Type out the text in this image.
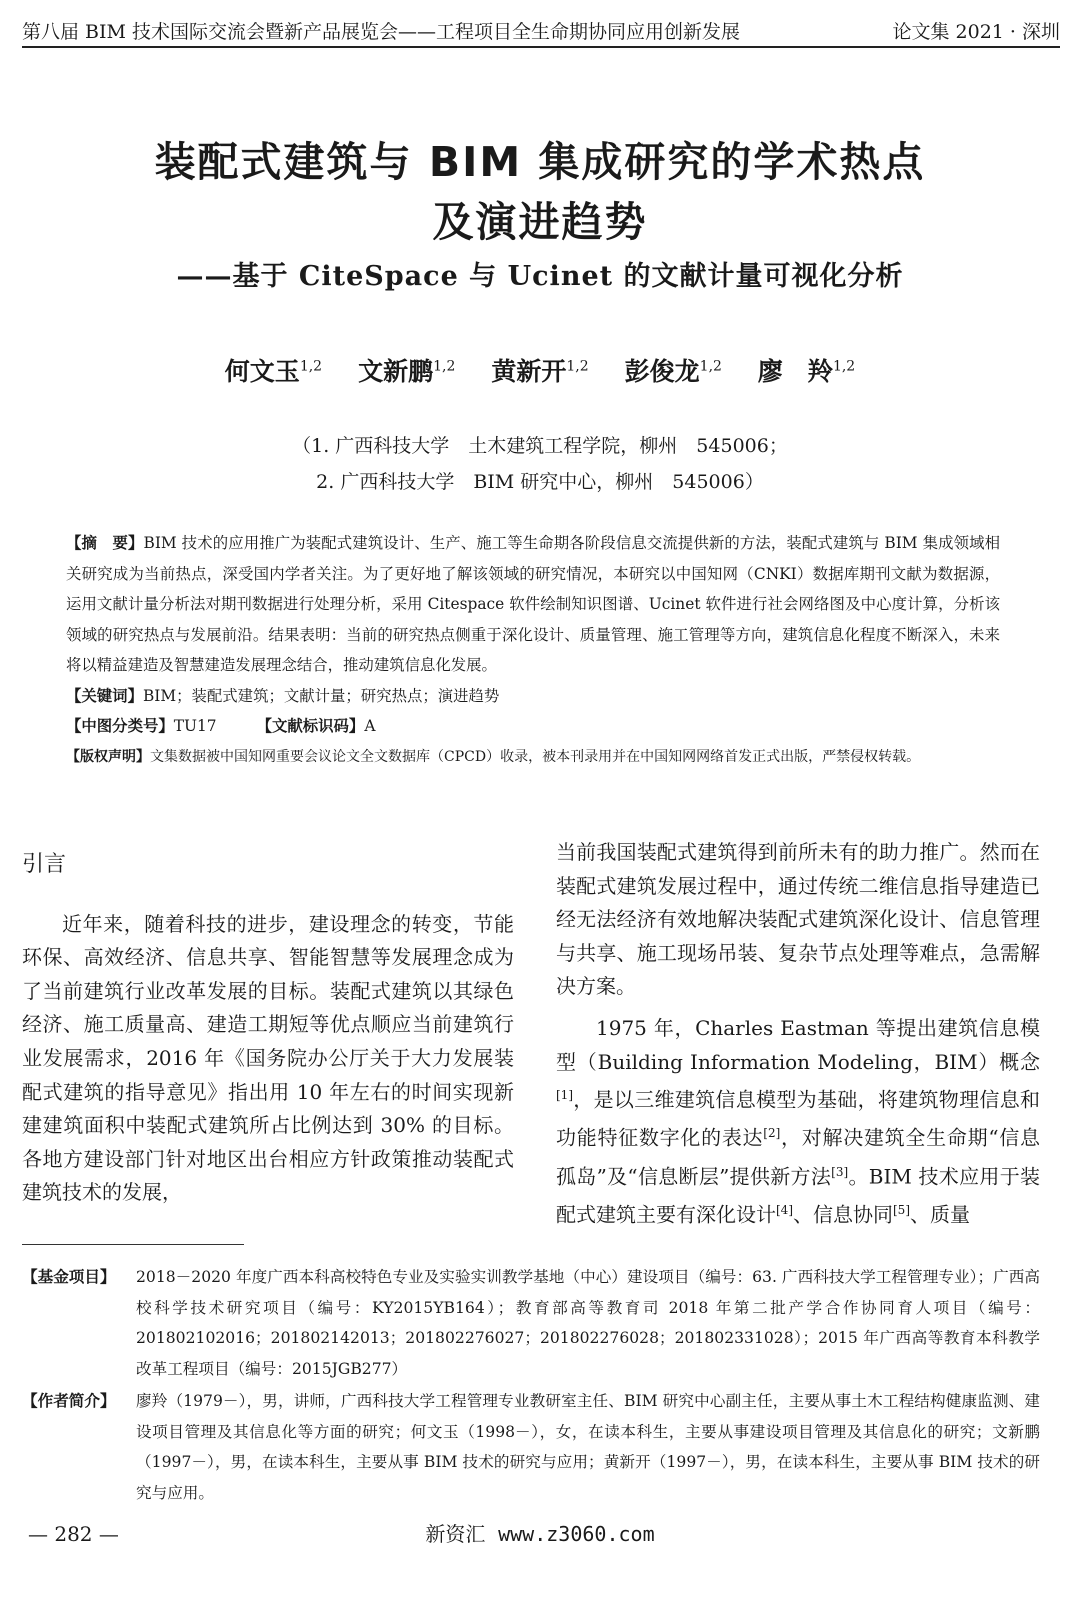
第八届 BIM 技术国际交流会暨新产品展览会——工程项目全生命期协同应用创新发展	论文集 2021 · 深圳
装配式建筑与 BIM 集成研究的学术热点
及演进趋势
——基于 CiteSpace 与 Ucinet 的文献计量可视化分析
何文玉$^{1,2}$ 文新鹏$^{1,2}$ 黄新开$^{1,2}$ 彭俊龙$^{1,2}$ 廖　羚$^{1,2}$
（1. 广西科技大学　土木建筑工程学院，柳州　545006；
2. 广西科技大学　BIM 研究中心，柳州　545006）

【摘　要】BIM 技术的应用推广为装配式建筑设计、生产、施工等生命期各阶段信息交流提供新的方法，装配式建筑与 BIM 集成领域相关研究成为当前热点，深受国内学者关注。为了更好地了解该领域的研究情况，本研究以中国知网（CNKI）数据库期刊文献为数据源，运用文献计量分析法对期刊数据进行处理分析，采用 Citespace 软件绘制知识图谱、Ucinet 软件进行社会网络图及中心度计算，分析该领域的研究热点与发展前沿。结果表明：当前的研究热点侧重于深化设计、质量管理、施工管理等方向，建筑信息化程度不断深入，未来将以精益建造及智慧建造发展理念结合，推动建筑信息化发展。

【关键词】BIM；装配式建筑；文献计量；研究热点；演进趋势

【中图分类号】TU17	【文献标识码】A

【版权声明】文集数据被中国知网重要会议论文全文数据库（CPCD）收录，被本刊录用并在中国知网网络首发正式出版，严禁侵权转载。

引言

近年来，随着科技的进步，建设理念的转变，节能环保、高效经济、信息共享、智能智慧等发展理念成为了当前建筑行业改革发展的目标。装配式建筑以其绿色经济、施工质量高、建造工期短等优点顺应当前建筑行业发展需求，2016 年《国务院办公厅关于大力发展装配式建筑的指导意见》指出用 10 年左右的时间实现新建建筑面积中装配式建筑所占比例达到 30% 的目标。各地方建设部门针对地区出台相应方针政策推动装配式建筑技术的发展，

当前我国装配式建筑得到前所未有的助力推广。然而在装配式建筑发展过程中，通过传统二维信息指导建造已经无法经济有效地解决装配式建筑深化设计、信息管理与共享、施工现场吊装、复杂节点处理等难点，急需解决方案。

1975 年，Charles Eastman 等提出建筑信息模型（Building Information Modeling，BIM）概念[1]，是以三维建筑信息模型为基础，将建筑物理信息和功能特征数字化的表达[2]，对解决建筑全生命期“信息孤岛”及“信息断层”提供新方法[3]。BIM 技术应用于装配式建筑主要有深化设计[4]、信息协同[5]、质量

【基金项目】	2018－2020 年度广西本科高校特色专业及实验实训教学基地（中心）建设项目（编号：63. 广西科技大学工程管理专业）；广西高校科学技术研究项目（编号：KY2015YB164）；教育部高等教育司 2018 年第二批产学合作协同育人项目（编号：201802102016；201802142013；201802276027；201802276028；201802331028）；2015 年广西高等教育本科教学改革工程项目（编号：2015JGB277）
【作者简介】	廖羚（1979－），男，讲师，广西科技大学工程管理专业教研室主任、BIM 研究中心副主任，主要从事土木工程结构健康监测、建设项目管理及其信息化等方面的研究；何文玉（1998－），女，在读本科生，主要从事建设项目管理及其信息化的研究；文新鹏（1997－），男，在读本科生，主要从事 BIM 技术的研究与应用；黄新开（1997－），男，在读本科生，主要从事 BIM 技术的研究与应用。
— 282 —	新资汇 www.z3060.com
